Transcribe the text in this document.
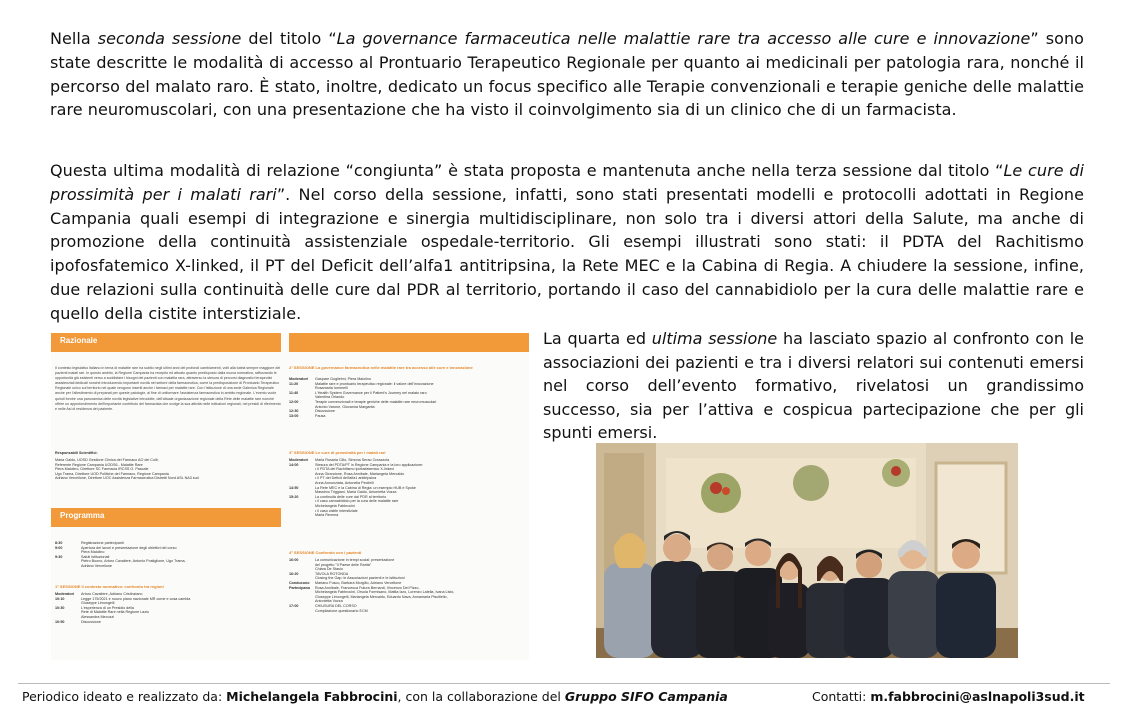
Nella seconda sessione del titolo “La governance farmaceutica nelle malattie rare tra accesso alle cure e innovazione” sono state descritte le modalità di accesso al Prontuario Terapeutico Regionale per quanto ai medicinali per patologia rara, nonché il percorso del malato raro. È stato, inoltre, dedicato un focus specifico alle Terapie convenzionali e terapie geniche delle malattie rare neuromuscolari, con una presentazione che ha visto il coinvolgimento sia di un clinico che di un farmacista.
Questa ultima modalità di relazione “congiunta” è stata proposta e mantenuta anche nella terza sessione dal titolo “Le cure di prossimità per i malati rari”. Nel corso della sessione, infatti, sono stati presentati modelli e protocolli adottati in Regione Campania quali esempi di integrazione e sinergia multidisciplinare, non solo tra i diversi attori della Salute, ma anche di promozione della continuità assistenziale ospedale-territorio. Gli esempi illustrati sono stati: il PDTA del Rachitismo ipofosfatemico X-linked, il PT del Deficit dell’alfa1 antitripsina, la Rete MEC e la Cabina di Regia. A chiudere la sessione, infine, due relazioni sulla continuità delle cure dal PDR al territorio, portando il caso del cannabidiolo per la cura delle malattie rare e quello della cistite interstiziale.
La quarta ed ultima sessione ha lasciato spazio al confronto con le associazioni dei pazienti e tra i diversi relatori sui contenuti emersi nel corso dell’evento formativo, rivelatosi un grandissimo successo, sia per l’attiva e cospicua partecipazione che per gli spunti emersi.
Razionale
Il contesto legislativo italiano in tema di malattie rare ha subito negli ultimi anni dei profondi cambiamenti, volti alla tutela sempre maggiore dei pazienti malati rari. In questo ambito, la Regione Campania ha recepito ed attuato quanto predisposto dalla nuova normativa, rafforzando le opportunità già esistenti verso a soddisfare i bisogni dei pazienti con malattia rara, attraverso la stesura di percorsi diagnostici terapeutici assistenziali dedicati nonché introducendo importanti novità nel settore della farmaceutica, come la predisposizione di Prontuario Terapeutico Regionale unico sul territorio nel quale vengono inseriti anche i farmaci per malattie rare. Con l'istituzione di una sede Galenica Regionale anche per l'allestimento di preparati per queste patologie, al fine di uniformare l'assistenza farmaceutica in ambito regionale. L'evento vuole quindi fornire una panoramica delle novità legislative introdotte, dell'attuale organizzazione regionale della Rete delle malattie rare nonché offrire un approfondimento dell'importante contributo del farmacista che svolge la sua attività nelle istituzioni regionali, nei presidi di riferimento e nelle Asl di residenza del paziente.
Responsabili Scientifici:
Maria Galdo, UOSD Gestione Clinica del Farmaco AO dei Colli;
Referente Regione Campania UODS6 - Malattie Rare
Piera Maiolino, Direttore SC Farmacia IRCSS G. Pascale
Ugo Trama, Direttore UOD Politiche del Farmaco, Regione Campania
Adriano Vercellone, Direttore UOC Assistenza Farmaceutica Distretti Nord ASL NA3 sud
Programma
8:30	Registrazione partecipanti
9:00	Apertura dei lavori e presentazione degli obiettivi del corso
Piera Maiolino
9:30	Saluti istituzionali
Pietro Buono, Arturo Cavaliere, Antonio Postiglione, Ugo Trama,
Adriano Vercellone
1° SESSIONE Il contesto normativo: confronto tra regioni
Moderatori Arturo Cavaliere, Adriano Cristinziano
10:10	Legge 175/2021 e nuovo piano nazionale MR come e cosa cambia
Giuseppe Limongelli
10:30	L'esperienza di un Presidio della
Rete di Malattie Rare nella Regione Lazio
Alessandra Mecozzi
10:50	Discussione
2° SESSIONE La governance farmaceutica nelle malattie rare tra accesso alle cure e innovazione
Moderatori Gaspare Guglielmi, Piera Maiolino
11:20	Malattie rare e prontuario terapeutico regionale: il valore dell'innovazione
Rosamaria Iommelli
11:40	L'Health System Governance per il Patient's Journey nel malato raro
Valentina Orlando
12:00	Terapie convenzionali e terapie geniche delle malattie rare neuromuscolari
Antonio Varone, Giovanna Margarita
12:30	Discussione
13:00	Pausa
3° SESSIONE Le cure di prossimità per i malati rari
Moderatori Maria Rosaria Cillo, Simona Serao Creazzola
14:00	Stesura del PDTA/PT in Regione Campania e la loro applicazione:
• il PDTA del Rachitismo ipofosfatemico X-linked
Anna Girandone, Rosa Annibale, Mariangela Mercaldo
• il PT del Deficit dell'alfa1 antitripsina
Anna Annunziata, Antonella Pecilelli
14:50	La Rete MEC e la Cabina di Regia: un esempio HUB e Spoke
Massimo Triggiani, Maria Galdo, Antonietta Vozza
15:20	La continuità delle cure dal PDR al territorio
• il caso cannabidiolo per la cura delle malattie rare
Michelangela Fabbrocini
• il caso cistite interstiziale
Maria Remma
4° SESSIONE Confronto con i pazienti
16:00	La comunicazione in tempi social: presentazione
del progetto "Il Paese delle Rarità"
Chiara De Stasio
16:20	TAVOLA ROTONDA
Closing the Gap: le Associazioni pazienti e le Istituzioni
Conducono Mariano Fusco, Barbara Morgillo, Adriano Vercellone
Partecipano Rosa Annibale, Francesca Futura Bernardi, Vincenzo Del Pizzo,
Michelangela Fabbrocini, Orsola Formisano, Mattia Izzo, Lorenzo Latella, Ivana Listo,
Giuseppe Limongelli, Mariangela Mercaldo, Eduardo Nava, Annamaria Piscitiello,
Antonietta Vozza
17:00	CHIUSURA DEL CORSO
Compilazione questionario ECM
Periodico ideato e realizzato da: Michelangela Fabbrocini, con la collaborazione del Gruppo SIFO Campania	Contatti: m.fabbrocini@aslnapoli3sud.it
